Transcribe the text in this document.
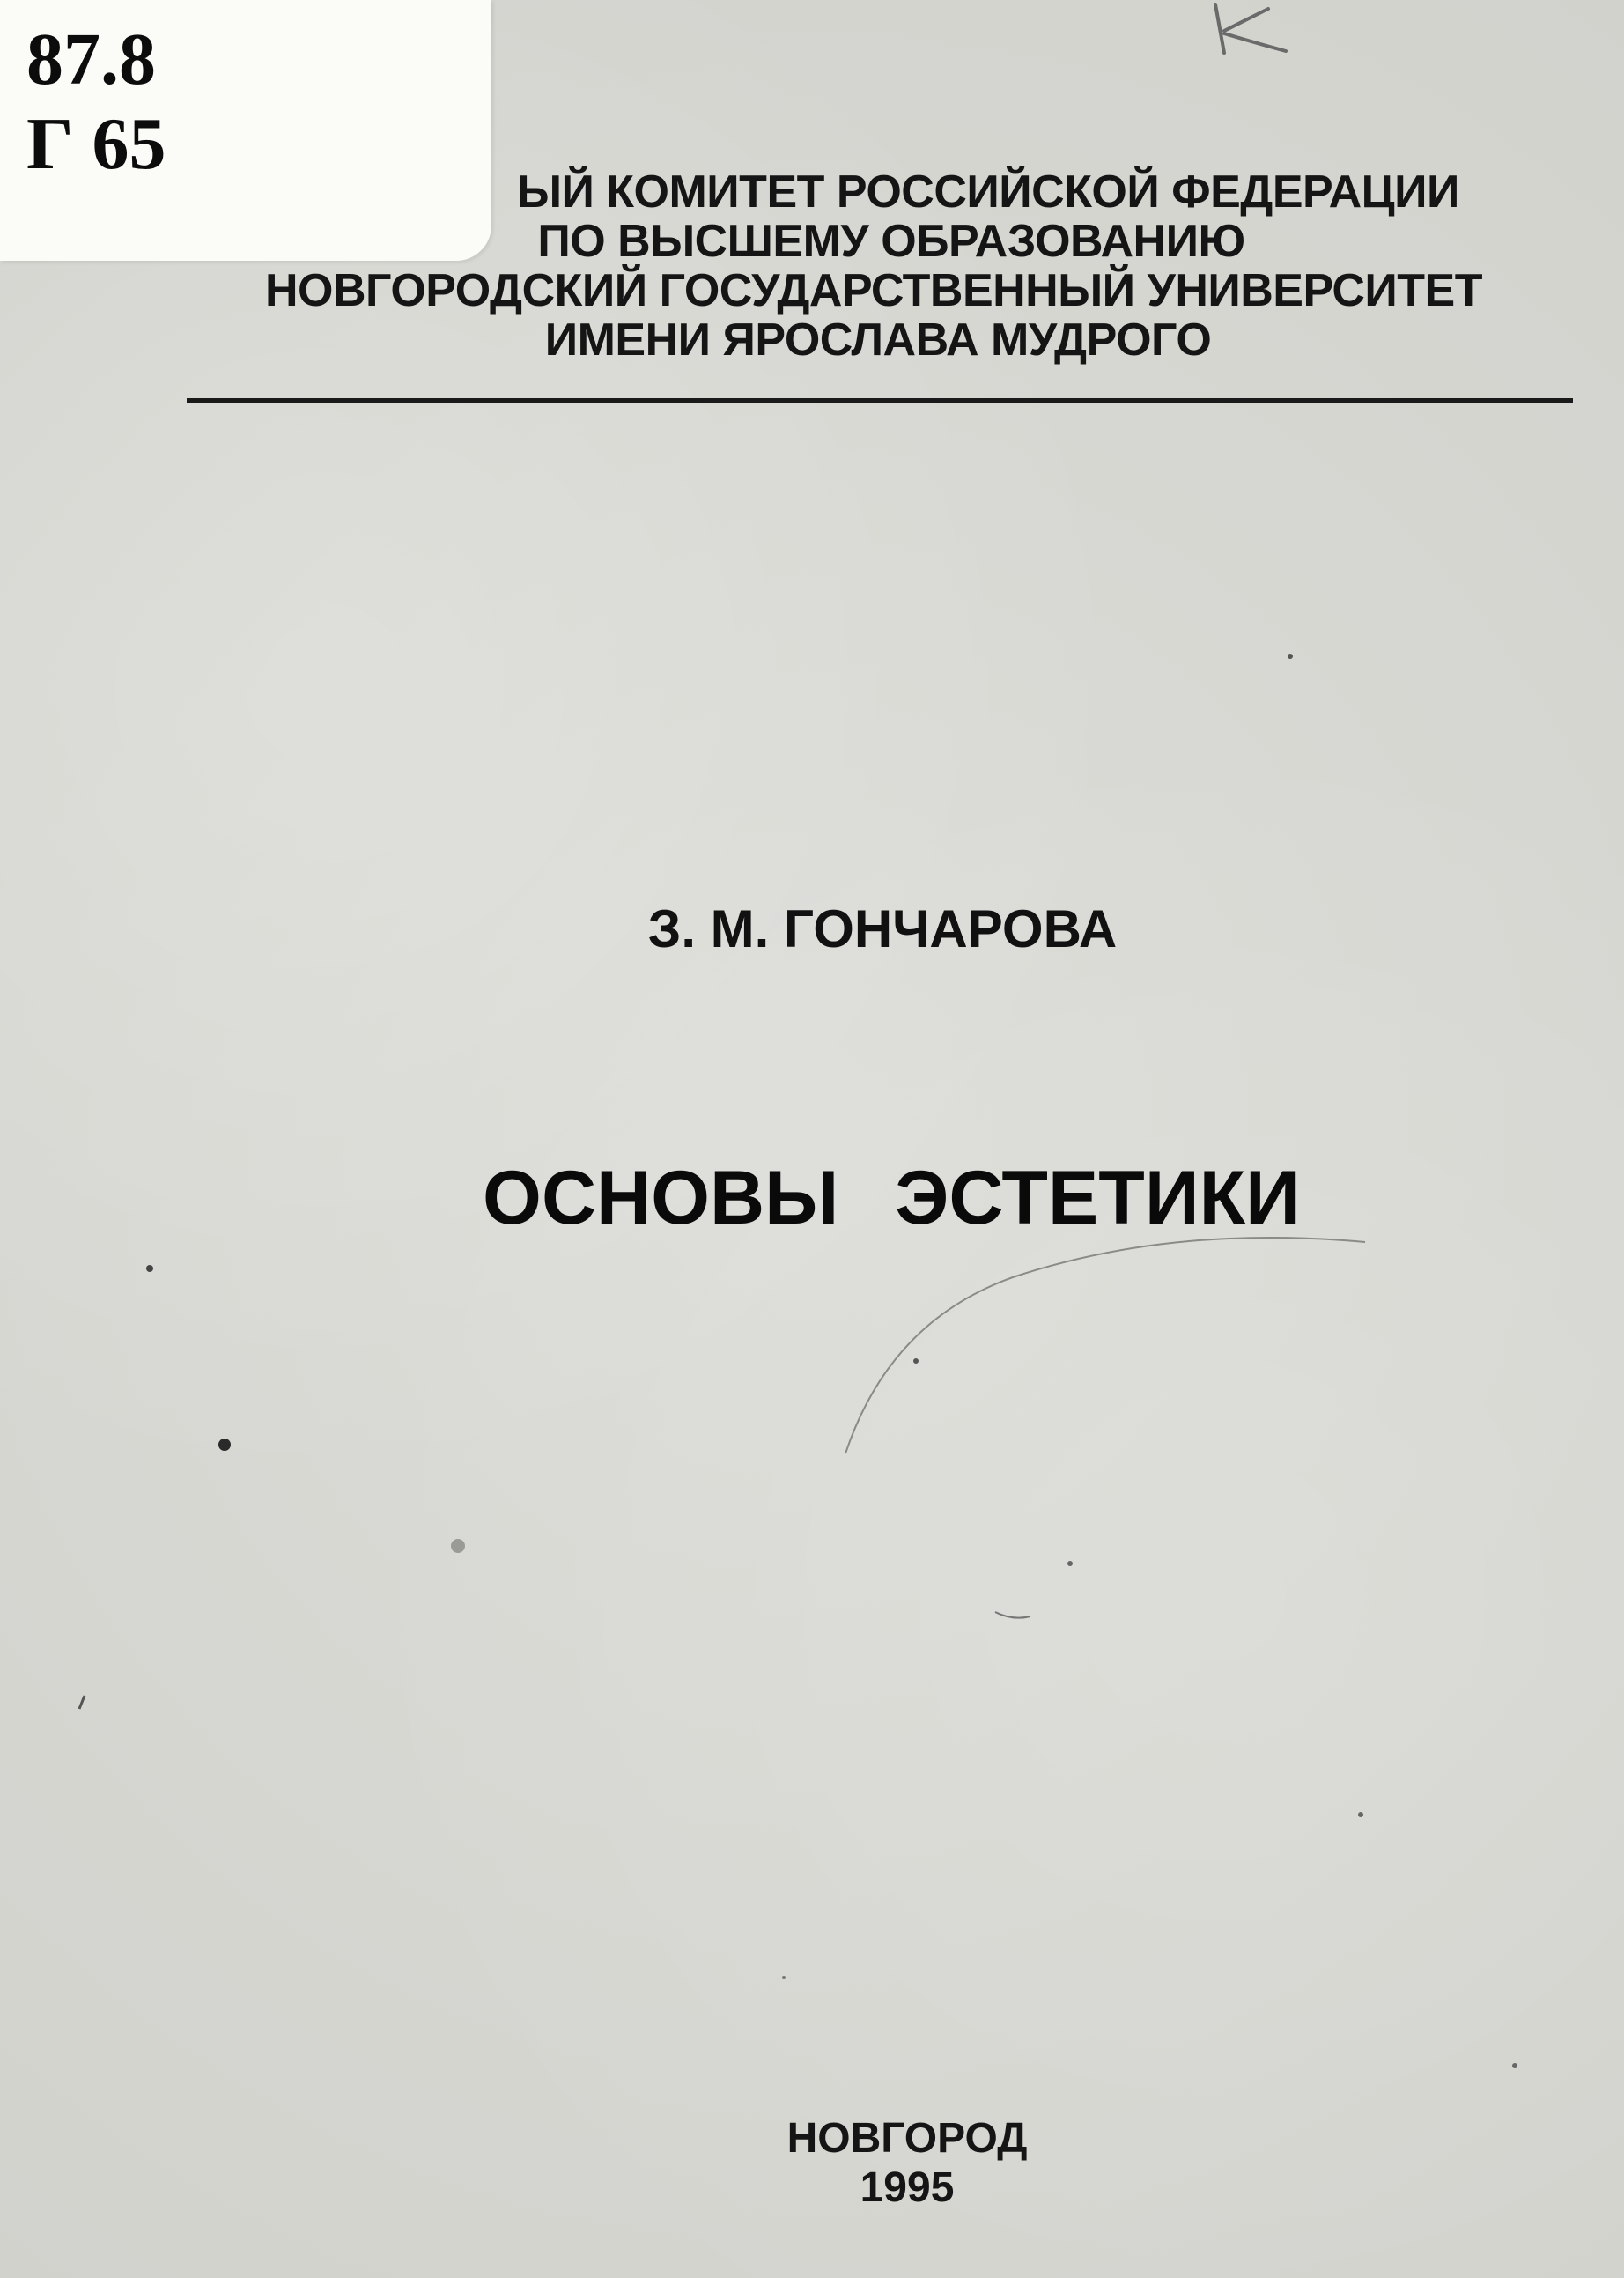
87.8
Г 65
ЫЙ КОМИТЕТ РОССИЙСКОЙ ФЕДЕРАЦИИ
ПО ВЫСШЕМУ ОБРАЗОВАНИЮ
НОВГОРОДСКИЙ ГОСУДАРСТВЕННЫЙ УНИВЕРСИТЕТ
ИМЕНИ ЯРОСЛАВА МУДРОГО
З. М. ГОНЧАРОВА
ОСНОВЫ ЭСТЕТИКИ
НОВГОРОД
1995
